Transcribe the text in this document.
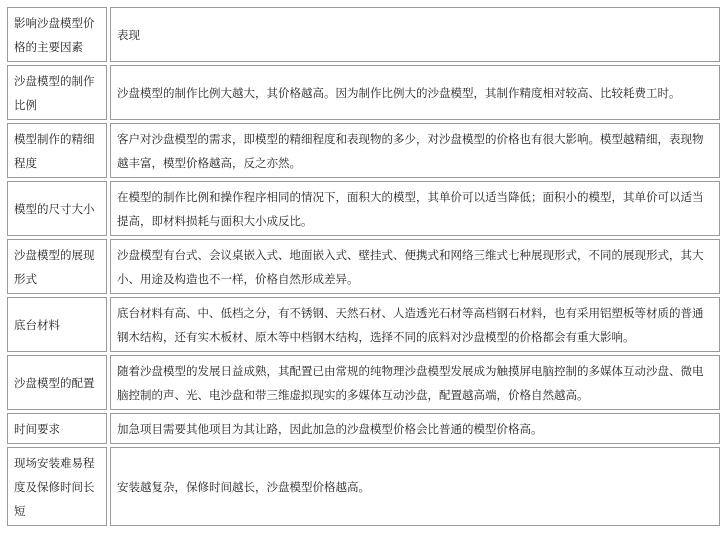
影响沙盘模型价格的主要因素	表现
沙盘模型的制作比例	沙盘模型的制作比例大越大，其价格越高。因为制作比例大的沙盘模型，其制作精度相对较高、比较耗费工时。
模型制作的精细程度	客户对沙盘模型的需求，即模型的精细程度和表现物的多少，对沙盘模型的价格也有很大影响。模型越精细，表现物越丰富，模型价格越高，反之亦然。
模型的尺寸大小	在模型的制作比例和操作程序相同的情况下，面积大的模型，其单价可以适当降低；面积小的模型，其单价可以适当提高，即材料损耗与面积大小成反比。
沙盘模型的展现形式	沙盘模型有台式、会议桌嵌入式、地面嵌入式、壁挂式、便携式和网络三维式七种展现形式，不同的展现形式，其大小、用途及构造也不一样，价格自然形成差异。
底台材料	底台材料有高、中、低档之分，有不锈钢、天然石材、人造透光石材等高档钢石材料，也有采用铝塑板等材质的普通钢木结构，还有实木板材、原木等中档钢木结构，选择不同的底料对沙盘模型的价格都会有重大影响。
沙盘模型的配置	随着沙盘模型的发展日益成熟，其配置已由常规的纯物理沙盘模型发展成为触摸屏电脑控制的多媒体互动沙盘、微电脑控制的声、光、电沙盘和带三维虚拟现实的多媒体互动沙盘，配置越高端，价格自然越高。
时间要求	加急项目需要其他项目为其让路，因此加急的沙盘模型价格会比普通的模型价格高。
现场安装难易程度及保修时间长短	安装越复杂，保修时间越长，沙盘模型价格越高。
